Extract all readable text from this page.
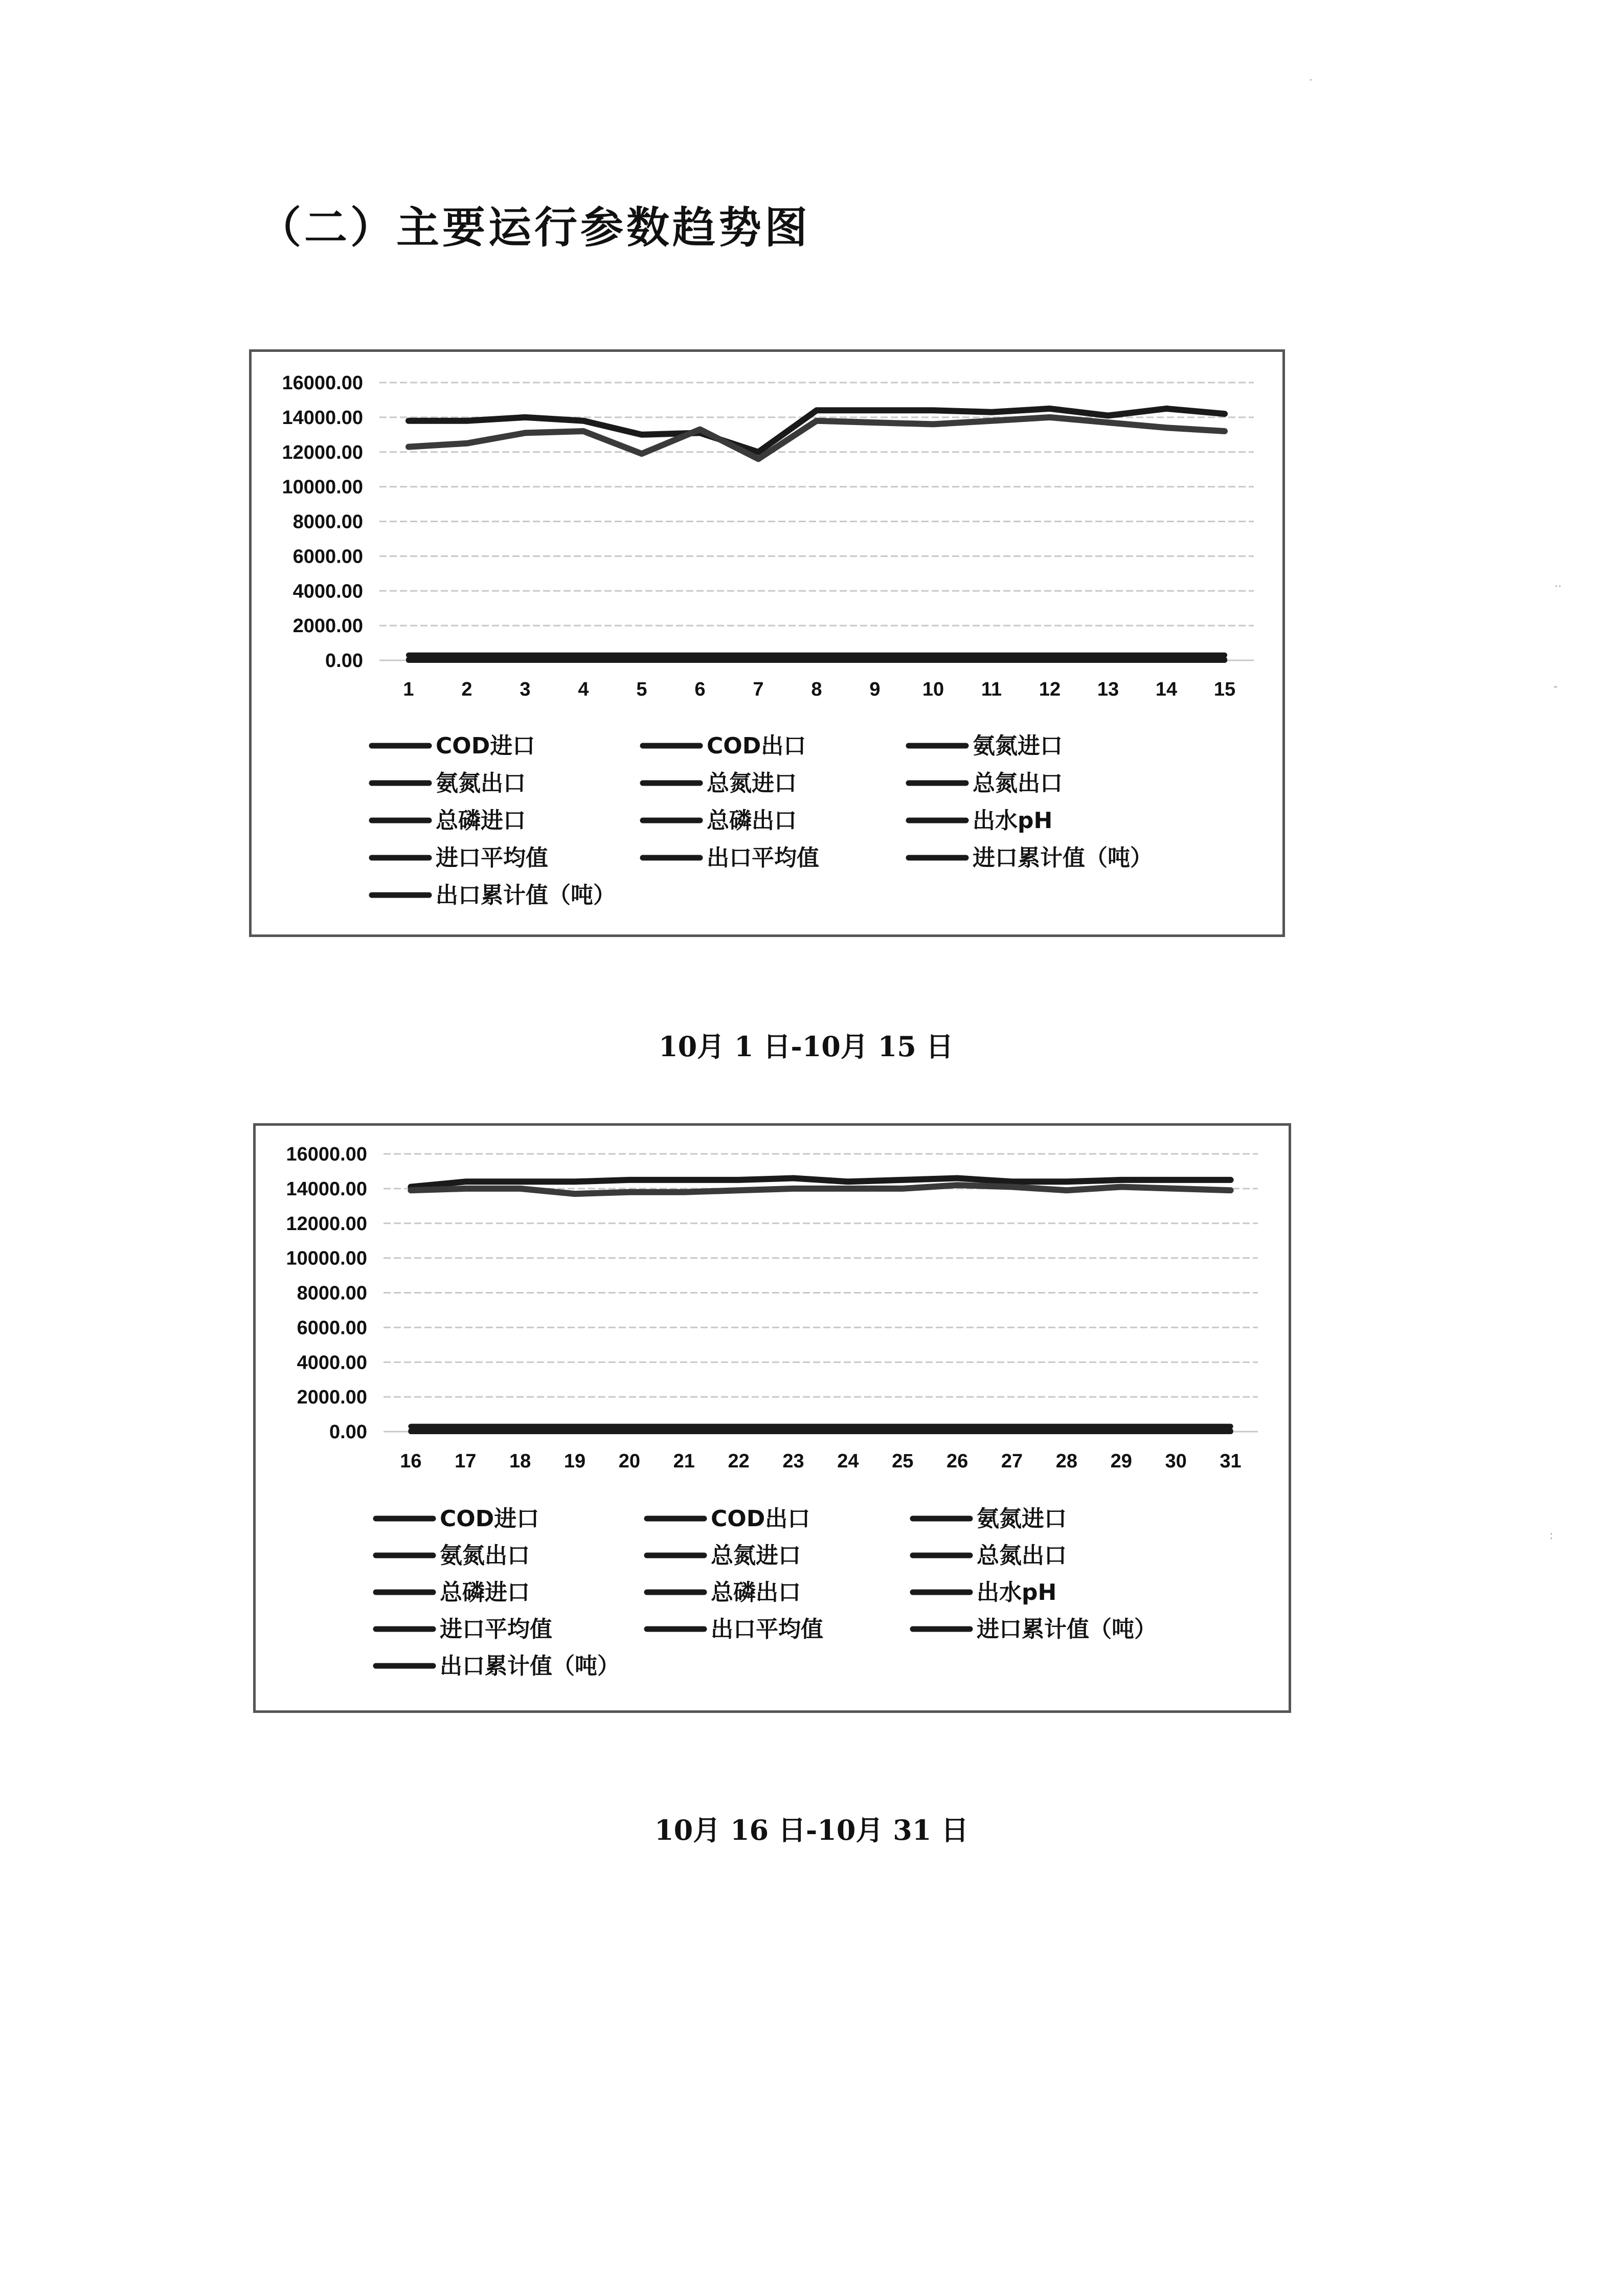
（二）主要运行参数趋势图
0.00
2000.00
4000.00
6000.00
8000.00
10000.00
12000.00
14000.00
16000.00
1 2 3 4 5 6 7 8 9 10 11 12 13 14 15
COD进口	COD出口	氨氮进口
氨氮出口	总氮进口	总氮出口
总磷进口	总磷出口	出水pH
进口平均值	出口平均值	进口累计值（吨）
出口累计值（吨）
10月 1 日-10月 15 日
0.00
2000.00
4000.00
6000.00
8000.00
10000.00
12000.00
14000.00
16000.00
16 17 18 19 20 21 22 23 24 25 26 27 28 29 30 31
COD进口	COD出口	氨氮进口
氨氮出口	总氮进口	总氮出口
总磷进口	总磷出口	出水pH
进口平均值	出口平均值	进口累计值（吨）
出口累计值（吨）
10月 16 日-10月 31 日
·
··
-
:
